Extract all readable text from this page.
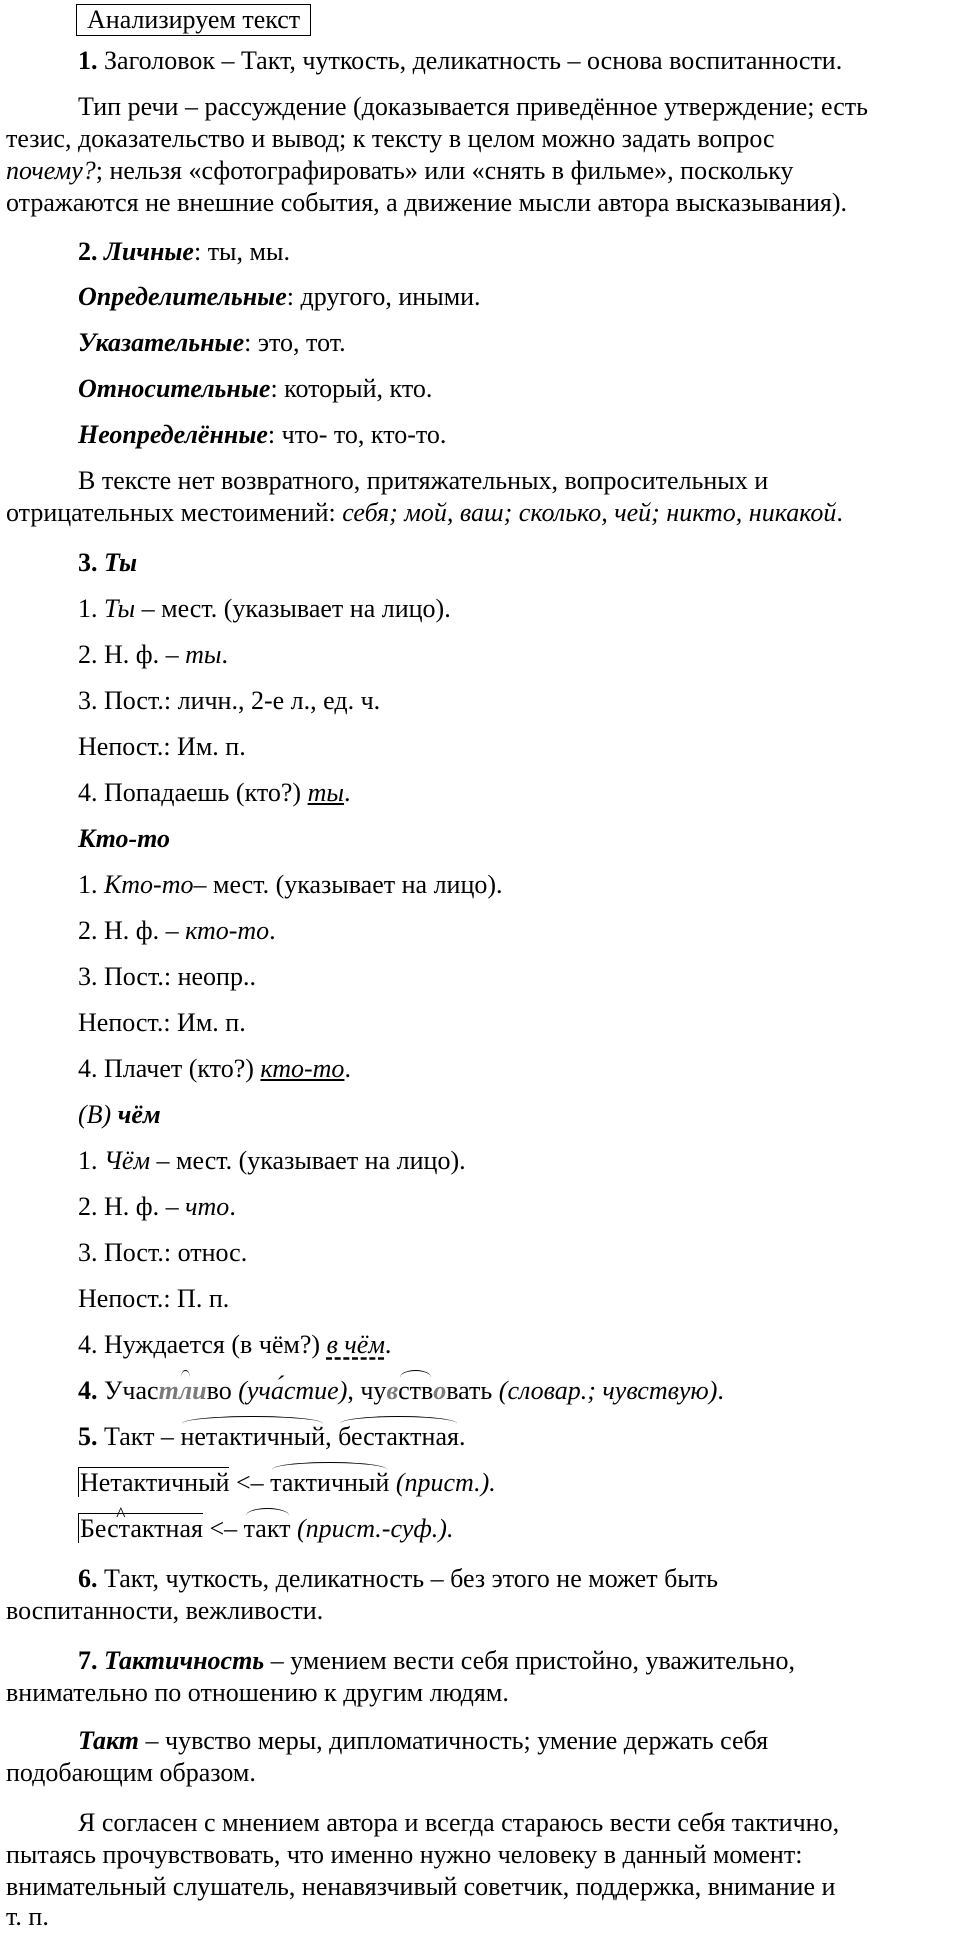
Анализируем текст
1. Заголовок – Такт, чуткость, деликатность – основа воспитанности.
Тип речи – рассуждение (доказывается приведённое утверждение; есть
тезис, доказательство и вывод; к тексту в целом можно задать вопрос
почему?; нельзя «сфотографировать» или «снять в фильме», поскольку
отражаются не внешние события, а движение мысли автора высказывания).
2. Личные: ты, мы.
Определительные: другого, иными.
Указательные: это, тот.
Относительные: который, кто.
Неопределённые: что- то, кто-то.
В тексте нет возвратного, притяжательных, вопросительных и
отрицательных местоимений: себя; мой, ваш; сколько, чей; никто, никакой.
3. Ты
1. Ты – мест. (указывает на лицо).
2. Н. ф. – ты.
3. Пост.: личн., 2-е л., ед. ч.
Непост.: Им. п.
4. Попадаешь (кто?) ты.
Кто-то
1. Кто-то– мест. (указывает на лицо).
2. Н. ф. – кто-то.
3. Пост.: неопр..
Непост.: Им. п.
4. Плачет (кто?) кто-то.
(В) чём
1. Чём – мест. (указывает на лицо).
2. Н. ф. – что.
3. Пост.: относ.
Непост.: П. п.
4. Нуждается (в чём?) в чём.
4. Участливо (уча́стие), чувствовать (словар.; чувствую).
5. Такт – нетактичный, бестактная.
Нетактичный <– тактичный (прист.).
^ Бестактная <– такт (прист.-суф.).
6. Такт, чуткость, деликатность – без этого не может быть
воспитанности, вежливости.
7. Тактичность – умением вести себя пристойно, уважительно,
внимательно по отношению к другим людям.
Такт – чувство меры, дипломатичность; умение держать себя
подобающим образом.
Я согласен с мнением автора и всегда стараюсь вести себя тактично,
пытаясь прочувствовать, что именно нужно человеку в данный момент:
внимательный слушатель, ненавязчивый советчик, поддержка, внимание и
т. п.
